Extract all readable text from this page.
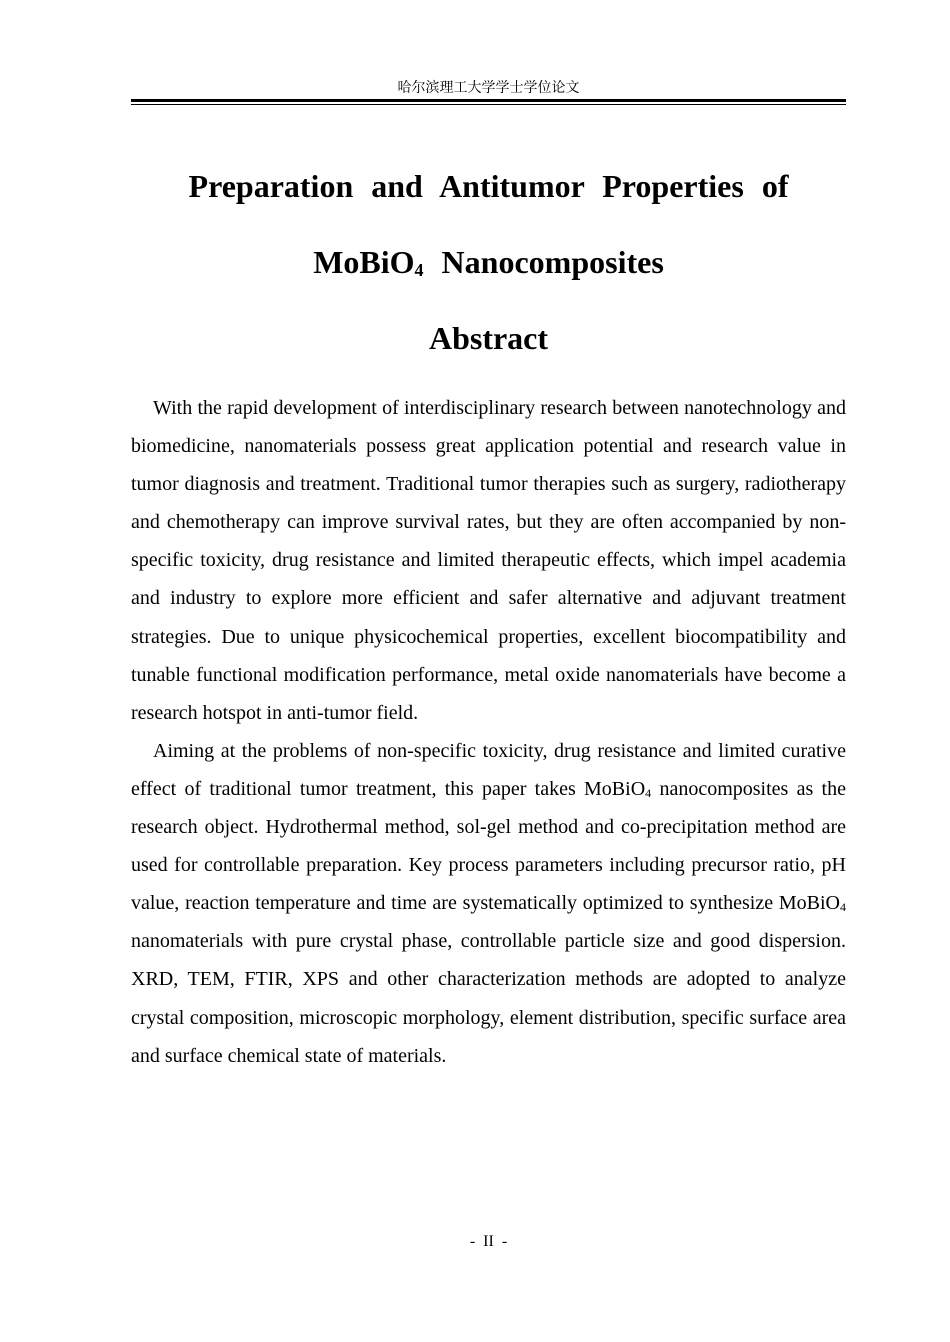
哈尔滨理工大学学士学位论文
Preparation and Antitumor Properties of
MoBiO$_4$ Nanocomposites
Abstract

With the rapid development of interdisciplinary research between nanotechnology and biomedicine, nanomaterials possess great application potential and research value in tumor diagnosis and treatment. Traditional tumor therapies such as surgery, radiotherapy and chemotherapy can improve survival rates, but they are often accompanied by non-specific toxicity, drug resistance and limited therapeutic effects, which impel academia and industry to explore more efficient and safer alternative and adjuvant treatment strategies. Due to unique physicochemical properties, excellent biocompatibility and tunable functional modification performance, metal oxide nanomaterials have become a research hotspot in anti-tumor field.

Aiming at the problems of non-specific toxicity, drug resistance and limited curative effect of traditional tumor treatment, this paper takes MoBiO$_4$ nanocomposites as the research object. Hydrothermal method, sol-gel method and co-precipitation method are used for controllable preparation. Key process parameters including precursor ratio, pH value, reaction temperature and time are systematically optimized to synthesize MoBiO$_4$ nanomaterials with pure crystal phase, controllable particle size and good dispersion. XRD, TEM, FTIR, XPS and other characterization methods are adopted to analyze crystal composition, microscopic morphology, element distribution, specific surface area and surface chemical state of materials.

- II -
